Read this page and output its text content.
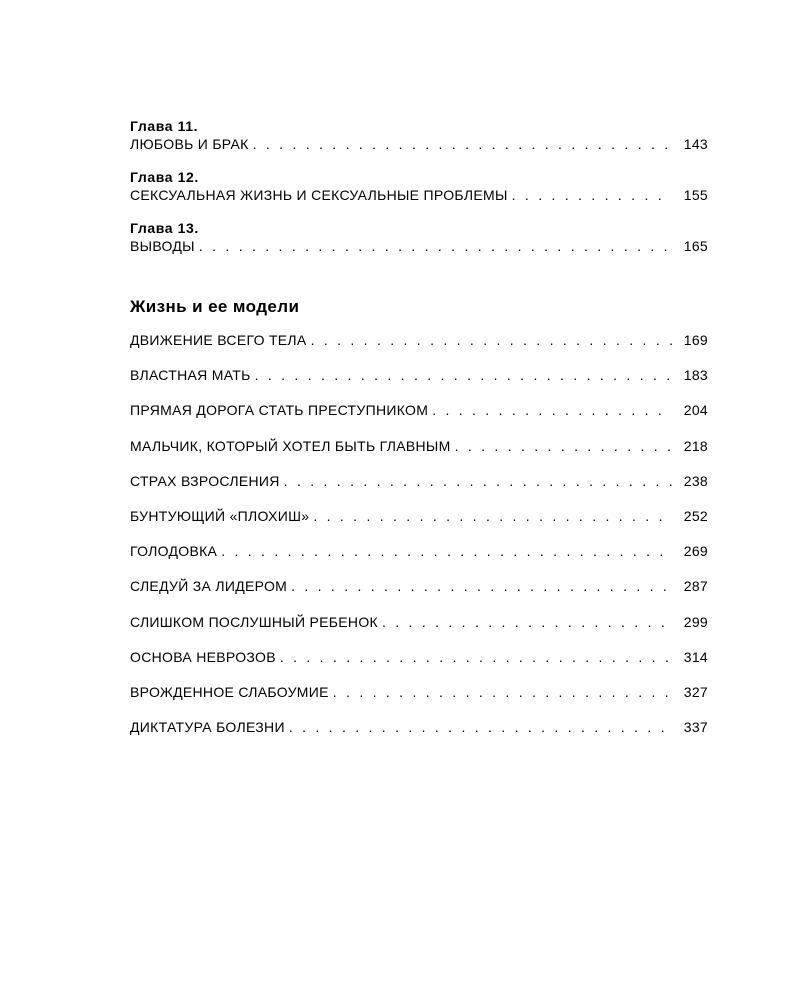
Глава 11.
ЛЮБОВЬ И БРАК . . .	143
Глава 12.
СЕКСУАЛЬНАЯ ЖИЗНЬ И СЕКСУАЛЬНЫЕ ПРОБЛЕМЫ . . .	155
Глава 13.
ВЫВОДЫ . . .	165
Жизнь и ее модели
ДВИЖЕНИЕ ВСЕГО ТЕЛА . . .	169
ВЛАСТНАЯ МАТЬ . . .	183
ПРЯМАЯ ДОРОГА СТАТЬ ПРЕСТУПНИКОМ . . .	204
МАЛЬЧИК, КОТОРЫЙ ХОТЕЛ БЫТЬ ГЛАВНЫМ . . .	218
СТРАХ ВЗРОСЛЕНИЯ . . .	238
БУНТУЮЩИЙ «ПЛОХИШ» . . .	252
ГОЛОДОВКА . . .	269
СЛЕДУЙ ЗА ЛИДЕРОМ . . .	287
СЛИШКОМ ПОСЛУШНЫЙ РЕБЕНОК . . .	299
ОСНОВА НЕВРОЗОВ . . .	314
ВРОЖДЕННОЕ СЛАБОУМИЕ . . .	327
ДИКТАТУРА БОЛЕЗНИ . . .	337
